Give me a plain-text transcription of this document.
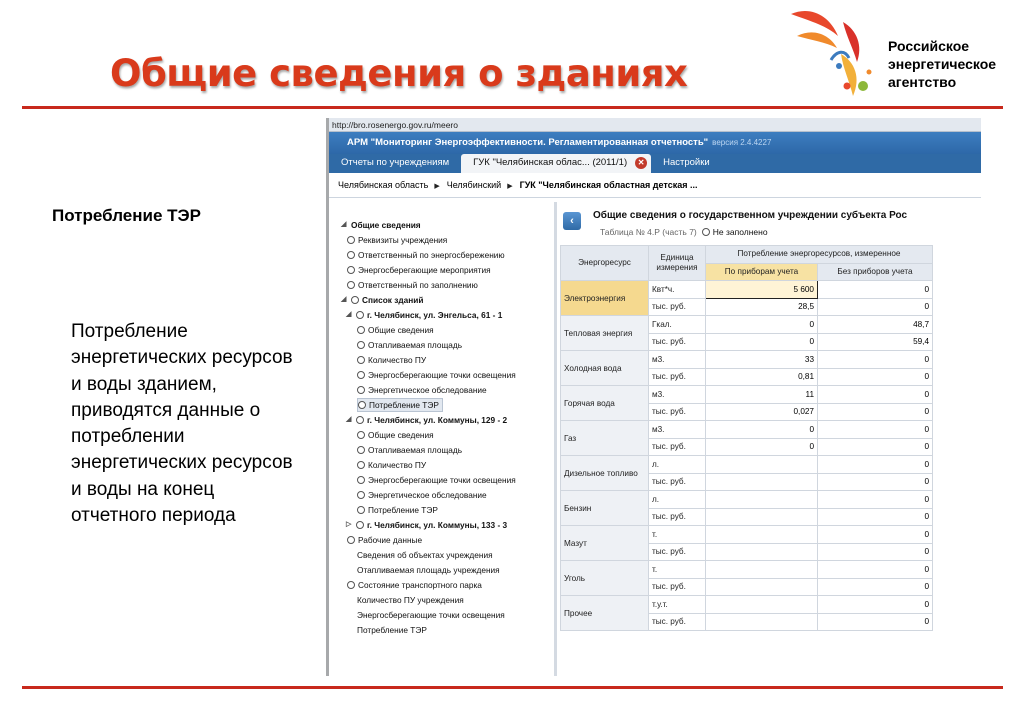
Общие сведения о зданиях
Российское
энергетическое
агентство
Потребление ТЭР
Потребление энергетических ресурсов и воды зданием, приводятся данные о потреблении энергетических ресурсов и воды на конец отчетного периода
http://bro.rosenergo.gov.ru/meero
АРМ "Мониторинг Энергоэффективности. Регламентированная отчетность" версия 2.4.4227
Отчеты по учреждениям	ГУК "Челябинская облас... (2011/1)	✕	Настройки
Челябинская область ▶ Челябинский ▶ ГУК "Челябинская областная детская ...
◢ Общие сведения
Реквизиты учреждения
Ответственный по энергосбережению
Энергосберегающие мероприятия
Ответственный по заполнению
◢	Список зданий
◢	г. Челябинск, ул. Энгельса, 61 - 1
Общие сведения
Отапливаемая площадь
Количество ПУ
Энергосберегающие точки освещения
Энергетическое обследование
Потребление ТЭР
◢	г. Челябинск, ул. Коммуны, 129 - 2
Общие сведения
Отапливаемая площадь
Количество ПУ
Энергосберегающие точки освещения
Энергетическое обследование
Потребление ТЭР
▷	г. Челябинск, ул. Коммуны, 133 - 3
Рабочие данные
Сведения об объектах учреждения
Отапливаемая площадь учреждения
Состояние транспортного парка
Количество ПУ учреждения
Энергосберегающие точки освещения
Потребление ТЭР
‹	Общие сведения о государственном учреждении субъекта Рос
Таблица № 4.Р (часть 7) Не заполнено
Энергоресурс	Единица измерения	Потребление энергоресурсов, измеренное	
		По приборам учета	Без приборов учета
Электроэнергия	Квт*ч.	5 600	0
	тыс. руб.	28,5	0
Тепловая энергия	Гкал.	0	48,7
	тыс. руб.	0	59,4
Холодная вода	м3.	33	0
	тыс. руб.	0,81	0
Горячая вода	м3.	11	0
	тыс. руб.	0,027	0
Газ	м3.	0	0
	тыс. руб.	0	0
Дизельное топливо	л.		0
	тыс. руб.		0
Бензин	л.		0
	тыс. руб.		0
Мазут	т.		0
	тыс. руб.		0
Уголь	т.		0
	тыс. руб.		0
Прочее	т.у.т.		0
	тыс. руб.		0
